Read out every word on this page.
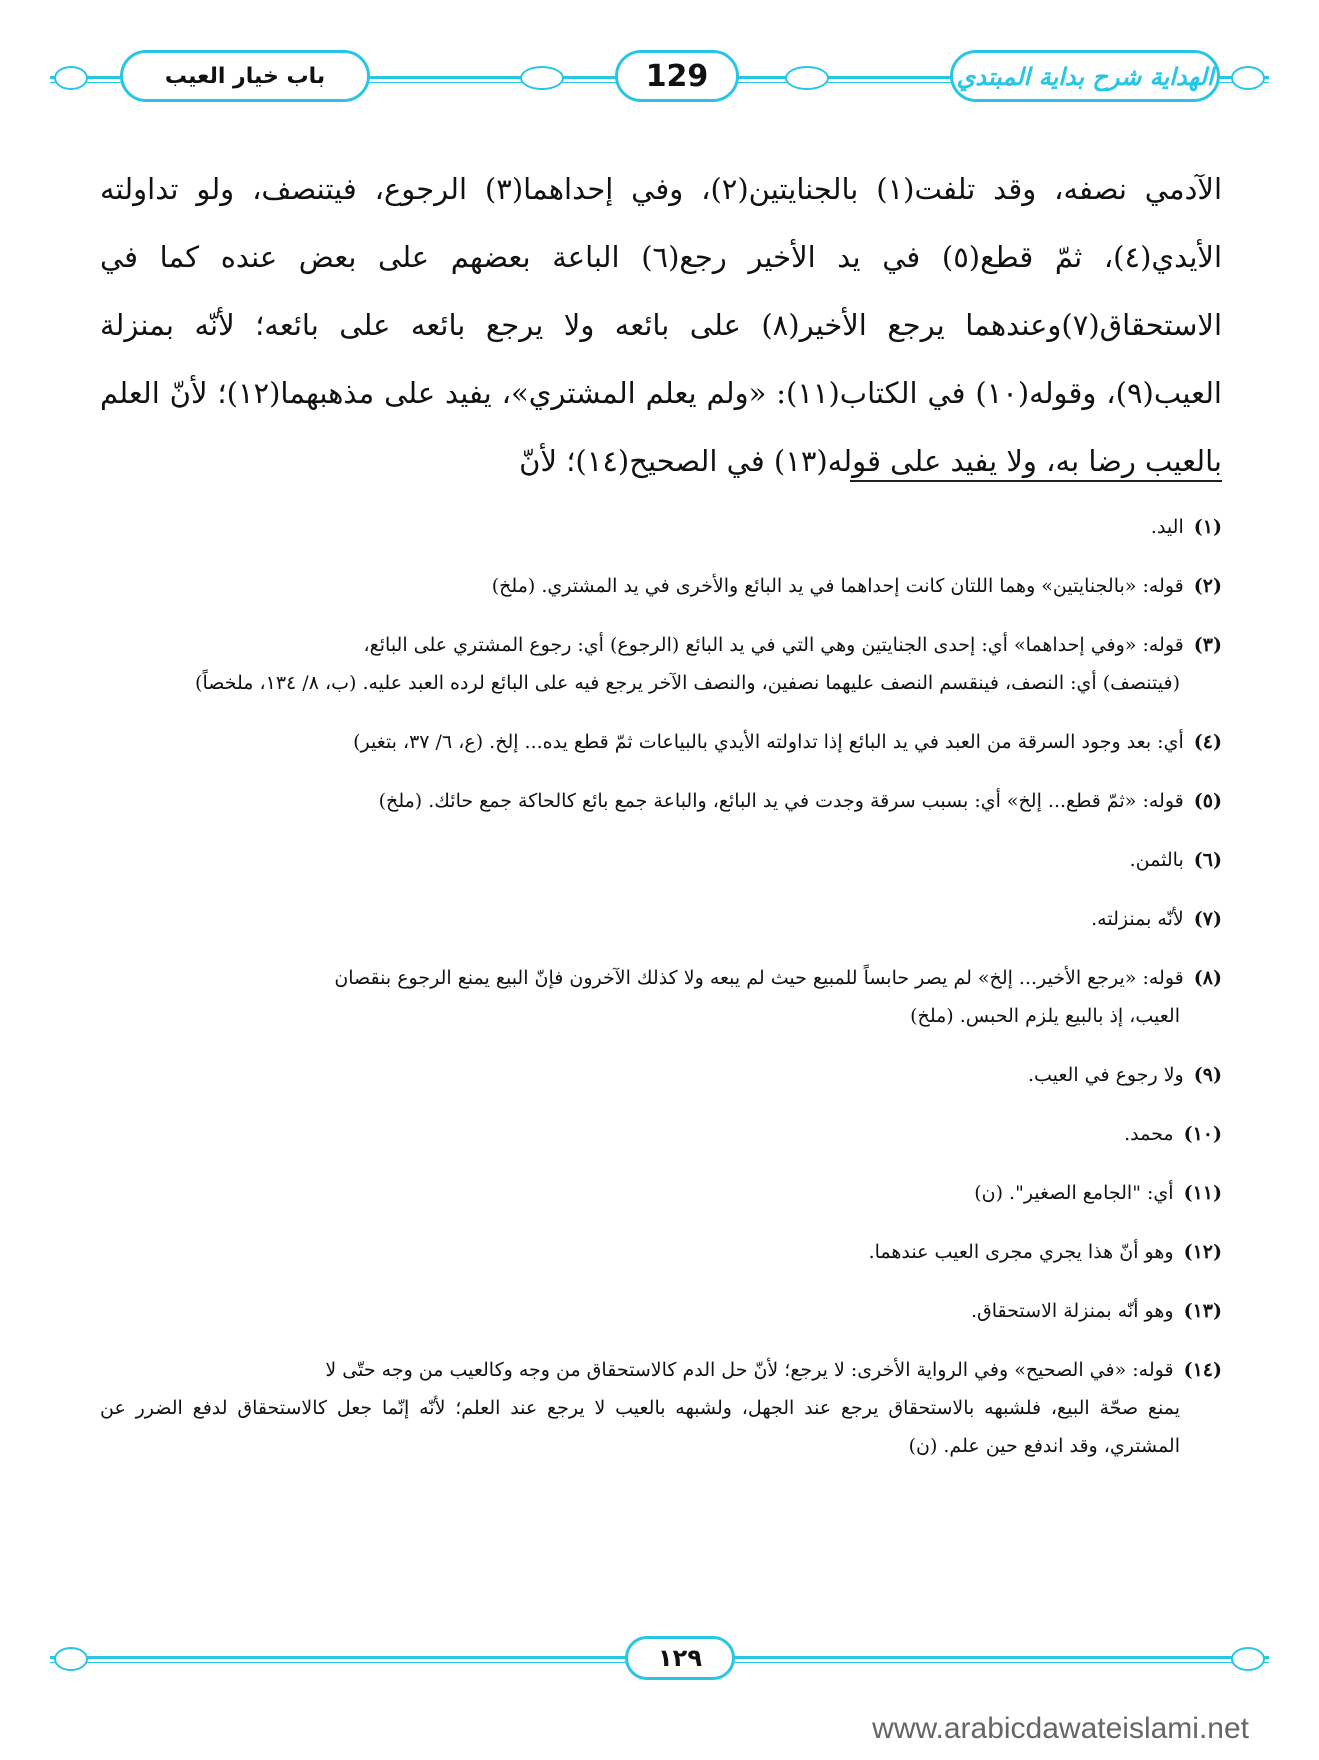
باب خيار العيب	129	الهداية شرح بداية المبتدي
الآدمي نصفه، وقد تلفت(١) بالجنايتين(٢)، وفي إحداهما(٣) الرجوع، فيتنصف، ولو تداولته الأيدي(٤)، ثمّ قطع(٥) في يد الأخير رجع(٦) الباعة بعضهم على بعض عنده كما في الاستحقاق(٧)وعندهما يرجع الأخير(٨) على بائعه ولا يرجع بائعه على بائعه؛ لأنّه بمنزلة العيب(٩)، وقوله(١٠) في الكتاب(١١): «ولم يعلم المشتري»، يفيد على مذهبهما(١٢)؛ لأنّ العلم بالعيب رضا به، ولا يفيد على قوله(١٣) في الصحيح(١٤)؛ لأنّ

(١) اليد.

(٢) قوله: «بالجنايتين» وهما اللتان كانت إحداهما في يد البائع والأخرى في يد المشتري. (ملخ)

(٣) قوله: «وفي إحداهما» أي: إحدى الجنايتين وهي التي في يد البائع (الرجوع) أي: رجوع المشتري على البائع،
(فيتنصف) أي: النصف، فينقسم النصف عليهما نصفين، والنصف الآخر يرجع فيه على البائع لرده العبد عليه. (ب، ٨/ ١٣٤، ملخصاً)

(٤) أي: بعد وجود السرقة من العبد في يد البائع إذا تداولته الأيدي بالبياعات ثمّ قطع يده... إلخ. (ع، ٦/ ٣٧، بتغير)

(٥) قوله: «ثمّ قطع... إلخ» أي: بسبب سرقة وجدت في يد البائع، والباعة جمع بائع كالحاكة جمع حائك. (ملخ)

(٦) بالثمن.

(٧) لأنّه بمنزلته.

(٨) قوله: «يرجع الأخير... إلخ» لم يصر حابساً للمبيع حيث لم يبعه ولا كذلك الآخرون فإنّ البيع يمنع الرجوع بنقصان
العيب، إذ بالبيع يلزم الحبس. (ملخ)

(٩) ولا رجوع في العيب.

(١٠) محمد.

(١١) أي: "الجامع الصغير". (ن)

(١٢) وهو أنّ هذا يجري مجرى العيب عندهما.

(١٣) وهو أنّه بمنزلة الاستحقاق.

(١٤) قوله: «في الصحيح» وفي الرواية الأخرى: لا يرجع؛ لأنّ حل الدم كالاستحقاق من وجه وكالعيب من وجه حتّى لا
يمنع صحّة البيع، فلشبهه بالاستحقاق يرجع عند الجهل، ولشبهه بالعيب لا يرجع عند العلم؛ لأنّه إنّما جعل كالاستحقاق لدفع الضرر عن المشتري، وقد اندفع حين علم. (ن)

١٢٩
www.arabicdawateislami.net
